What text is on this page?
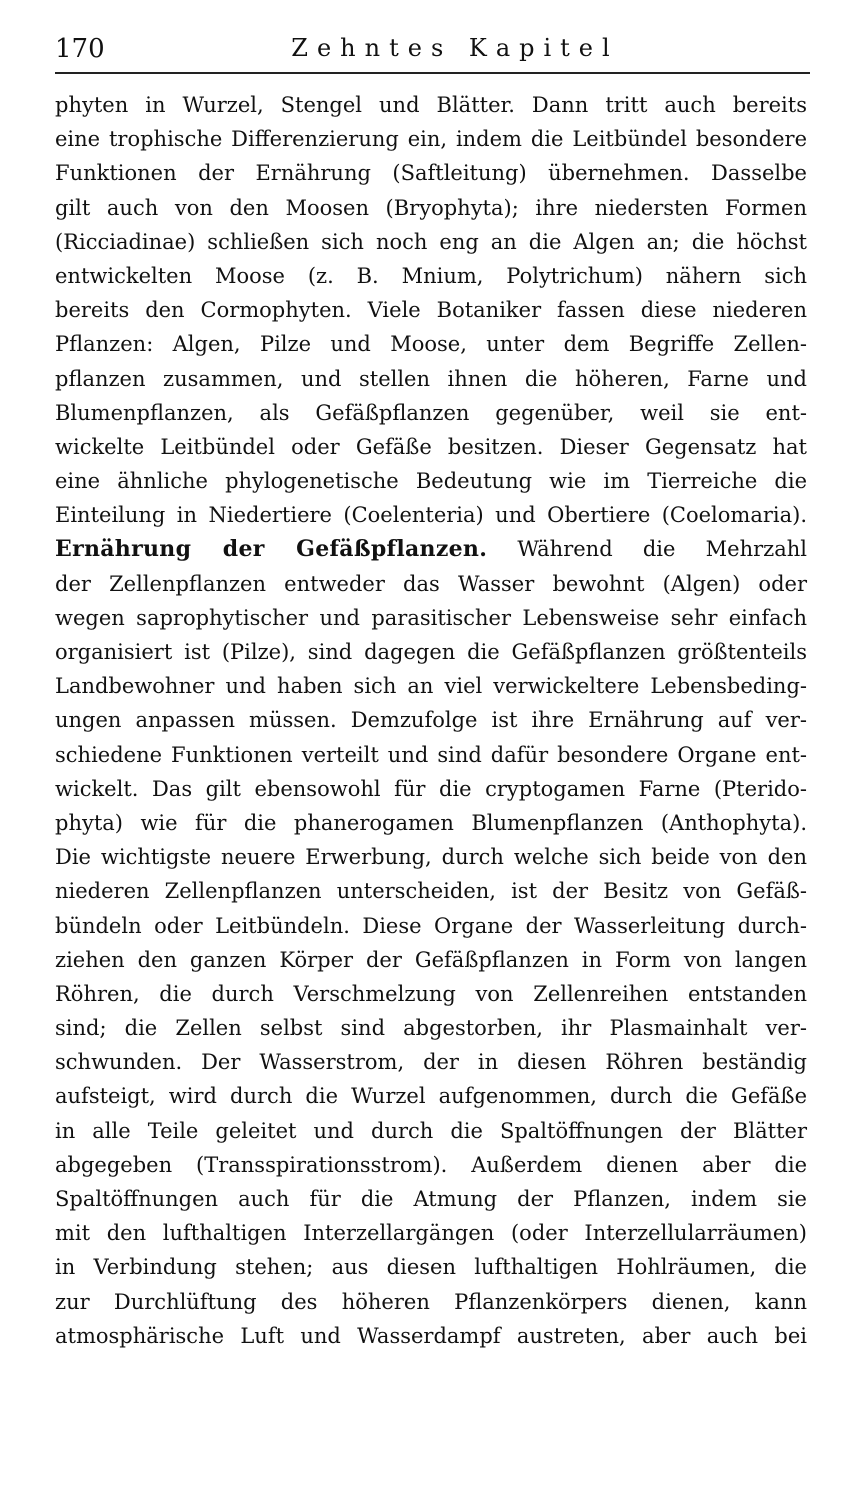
170	Zehntes Kapitel
phyten in Wurzel, Stengel und Blätter. Dann tritt auch bereits
eine trophische Differenzierung ein, indem die Leitbündel besondere
Funktionen der Ernährung (Saftleitung) übernehmen. Dasselbe
gilt auch von den Moosen (Bryophyta); ihre niedersten Formen
(Ricciadinae) schließen sich noch eng an die Algen an; die höchst
entwickelten Moose (z. B. Mnium, Polytrichum) nähern sich
bereits den Cormophyten. Viele Botaniker fassen diese niederen
Pflanzen: Algen, Pilze und Moose, unter dem Begriffe Zellen-
pflanzen zusammen, und stellen ihnen die höheren, Farne und
Blumenpflanzen, als Gefäßpflanzen gegenüber, weil sie ent-
wickelte Leitbündel oder Gefäße besitzen. Dieser Gegensatz hat
eine ähnliche phylogenetische Bedeutung wie im Tierreiche die
Einteilung in Niedertiere (Coelenteria) und Obertiere (Coelomaria).
Ernährung der Gefäßpflanzen. Während die Mehrzahl
der Zellenpflanzen entweder das Wasser bewohnt (Algen) oder
wegen saprophytischer und parasitischer Lebensweise sehr einfach
organisiert ist (Pilze), sind dagegen die Gefäßpflanzen größtenteils
Landbewohner und haben sich an viel verwickeltere Lebensbeding-
ungen anpassen müssen. Demzufolge ist ihre Ernährung auf ver-
schiedene Funktionen verteilt und sind dafür besondere Organe ent-
wickelt. Das gilt ebensowohl für die cryptogamen Farne (Pterido-
phyta) wie für die phanerogamen Blumenpflanzen (Anthophyta).
Die wichtigste neuere Erwerbung, durch welche sich beide von den
niederen Zellenpflanzen unterscheiden, ist der Besitz von Gefäß-
bündeln oder Leitbündeln. Diese Organe der Wasserleitung durch-
ziehen den ganzen Körper der Gefäßpflanzen in Form von langen
Röhren, die durch Verschmelzung von Zellenreihen entstanden
sind; die Zellen selbst sind abgestorben, ihr Plasmainhalt ver-
schwunden. Der Wasserstrom, der in diesen Röhren beständig
aufsteigt, wird durch die Wurzel aufgenommen, durch die Gefäße
in alle Teile geleitet und durch die Spaltöffnungen der Blätter
abgegeben (Transspirationsstrom). Außerdem dienen aber die
Spaltöffnungen auch für die Atmung der Pflanzen, indem sie
mit den lufthaltigen Interzellargängen (oder Interzellularräumen)
in Verbindung stehen; aus diesen lufthaltigen Hohlräumen, die
zur Durchlüftung des höheren Pflanzenkörpers dienen, kann
atmosphärische Luft und Wasserdampf austreten, aber auch bei
